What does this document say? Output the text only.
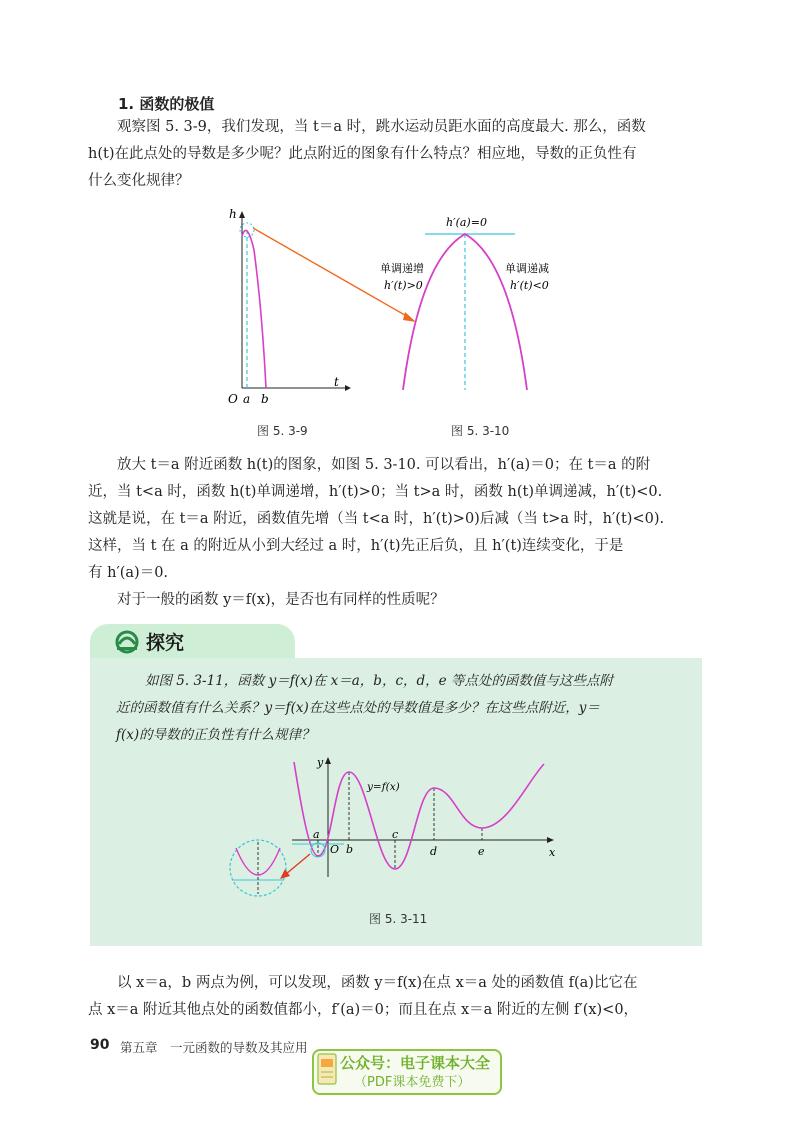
1. 函数的极值

观察图 5. 3-9，我们发现，当 t＝a 时，跳水运动员距水面的高度最大. 那么，函数

h(t)在此点处的导数是多少呢？此点附近的图象有什么特点？相应地，导数的正负性有

什么变化规律？

h
t
O a b
h′(a)=0
单调递增
h′(t)>0
单调递减
h′(t)<0
图 5. 3-9	图 5. 3-10

放大 t＝a 附近函数 h(t)的图象，如图 5. 3-10. 可以看出，h′(a)＝0；在 t＝a 的附

近，当 t<a 时，函数 h(t)单调递增，h′(t)>0；当 t>a 时，函数 h(t)单调递减，h′(t)<0.

这就是说，在 t＝a 附近，函数值先增（当 t<a 时，h′(t)>0)后减（当 t>a 时，h′(t)<0).

这样，当 t 在 a 的附近从小到大经过 a 时，h′(t)先正后负，且 h′(t)连续变化，于是

有 h′(a)＝0.

对于一般的函数 y＝f(x)，是否也有同样的性质呢？

探究

如图 5. 3-11，函数 y＝f(x)在 x＝a，b，c，d，e 等点处的函数值与这些点附

近的函数值有什么关系？y＝f(x)在这些点处的导数值是多少？在这些点附近，y＝

f(x)的导数的正负性有什么规律？

y
x
y=f(x)
O
a
b
c
d	e
图 5. 3-11

以 x＝a，b 两点为例，可以发现，函数 y＝f(x)在点 x＝a 处的函数值 f(a)比它在

点 x＝a 附近其他点处的函数值都小，f′(a)＝0；而且在点 x＝a 附近的左侧 f′(x)<0，

90 第五章　一元函数的导数及其应用
公众号：电子课本大全
（PDF课本免费下）
